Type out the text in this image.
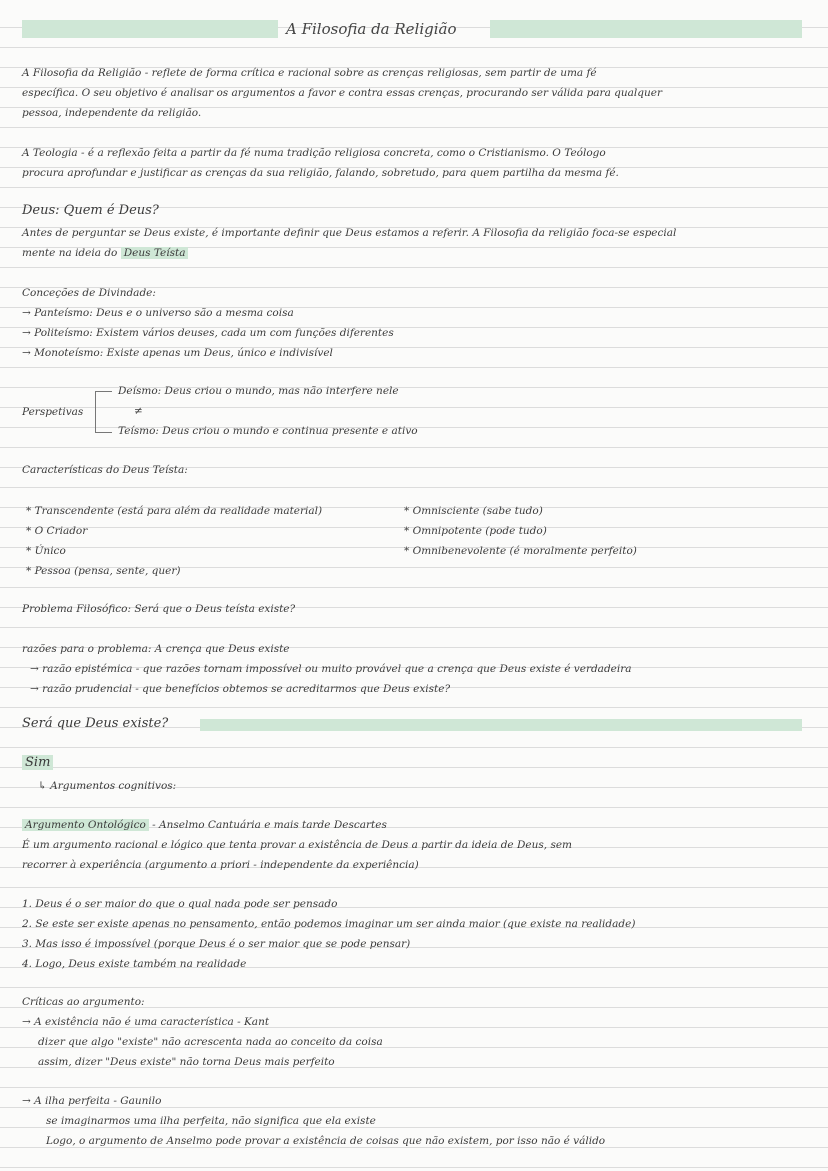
A Filosofia da Religião
A Filosofia da Religião - reflete de forma crítica e racional sobre as crenças religiosas, sem partir de uma fé
específica. O seu objetivo é analisar os argumentos a favor e contra essas crenças, procurando ser válida para qualquer
pessoa, independente da religião.
A Teologia - é a reflexão feita a partir da fé numa tradição religiosa concreta, como o Cristianismo. O Teólogo
procura aprofundar e justificar as crenças da sua religião, falando, sobretudo, para quem partilha da mesma fé.
Deus: Quem é Deus?
Antes de perguntar se Deus existe, é importante definir que Deus estamos a referir. A Filosofia da religião foca-se especial
mente na ideia do Deus Teísta
Conceções de Divindade:
→ Panteísmo: Deus e o universo são a mesma coisa
→ Politeísmo: Existem vários deuses, cada um com funções diferentes
→ Monoteísmo: Existe apenas um Deus, único e indivisível
Perspetivas
Deísmo: Deus criou o mundo, mas não interfere nele
≠
Teísmo: Deus criou o mundo e continua presente e ativo
Características do Deus Teísta:
* Transcendente (está para além da realidade material)
* O Criador
* Único
* Pessoa (pensa, sente, quer)
* Omnisciente (sabe tudo)
* Omnipotente (pode tudo)
* Omnibenevolente (é moralmente perfeito)
Problema Filosófico: Será que o Deus teísta existe?
razões para o problema: A crença que Deus existe
→ razão epistémica - que razões tornam impossível ou muito provável que a crença que Deus existe é verdadeira
→ razão prudencial - que benefícios obtemos se acreditarmos que Deus existe?
Será que Deus existe?
Sim
↳ Argumentos cognitivos:
Argumento Ontológico - Anselmo Cantuária e mais tarde Descartes
É um argumento racional e lógico que tenta provar a existência de Deus a partir da ideia de Deus, sem
recorrer à experiência (argumento a priori - independente da experiência)
1. Deus é o ser maior do que o qual nada pode ser pensado
2. Se este ser existe apenas no pensamento, então podemos imaginar um ser ainda maior (que existe na realidade)
3. Mas isso é impossível (porque Deus é o ser maior que se pode pensar)
4. Logo, Deus existe também na realidade
Críticas ao argumento:
→ A existência não é uma característica - Kant
dizer que algo "existe" não acrescenta nada ao conceito da coisa
assim, dizer "Deus existe" não torna Deus mais perfeito
→ A ilha perfeita - Gaunilo
se imaginarmos uma ilha perfeita, não significa que ela existe
Logo, o argumento de Anselmo pode provar a existência de coisas que não existem, por isso não é válido
